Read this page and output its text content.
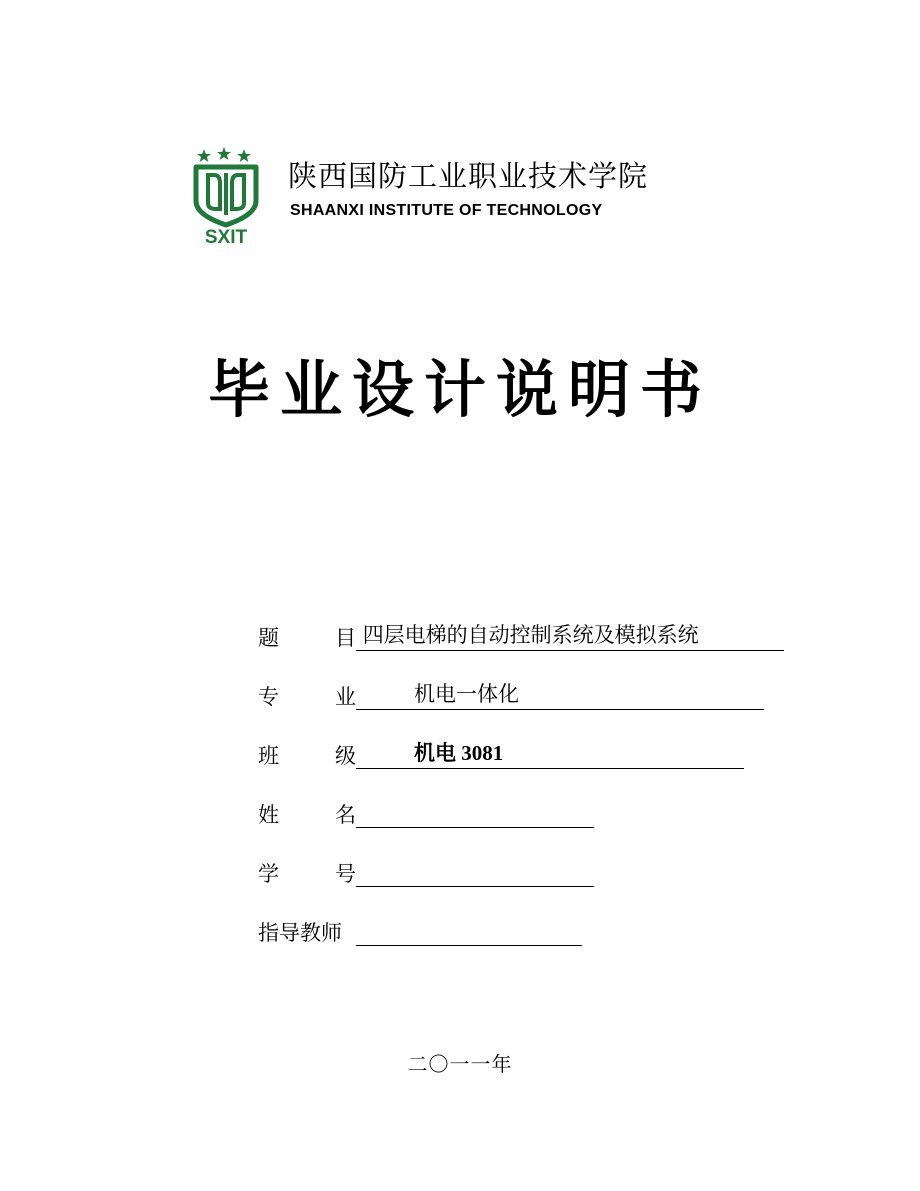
SXIT
陕西国防工业职业技术学院
SHAANXI INSTITUTE OF TECHNOLOGY
毕业设计说明书
题	目 四层电梯的自动控制系统及模拟系统
专	业	机电一体化
班	级	机电 3081
姓	名
学	号
指导教师
二〇一一年
